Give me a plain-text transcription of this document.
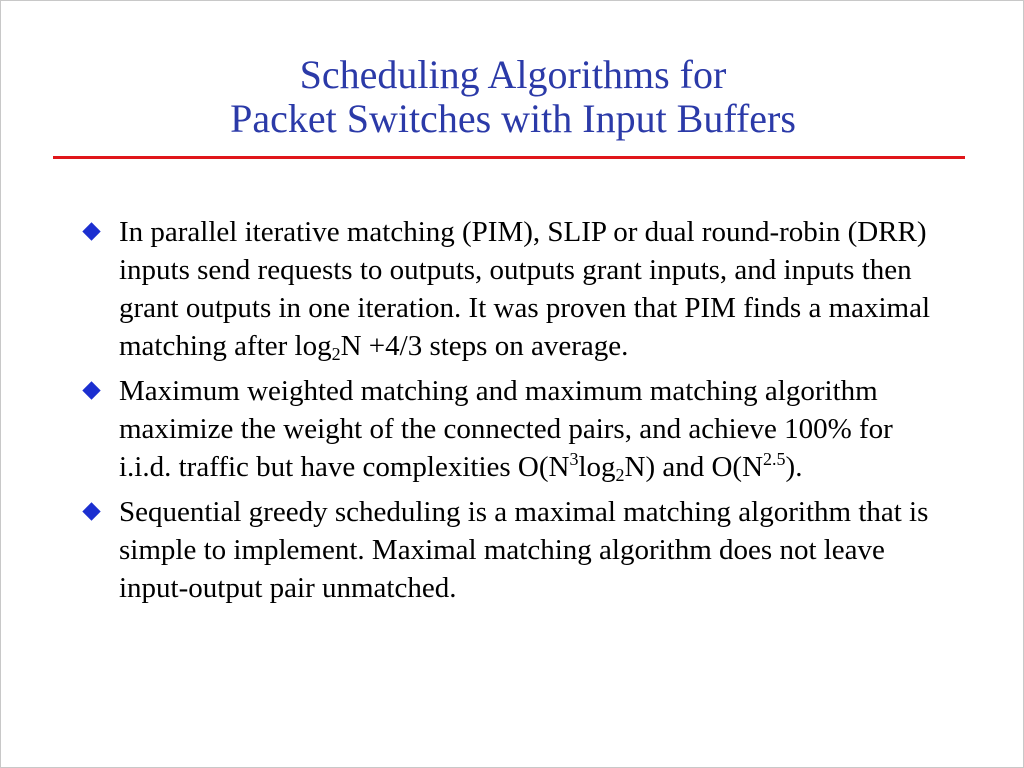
Scheduling Algorithms for
Packet Switches with Input Buffers
In parallel iterative matching (PIM), SLIP or dual round-robin (DRR) inputs send requests to outputs, outputs grant inputs, and inputs then grant outputs in one iteration. It was proven that PIM finds a maximal matching after $\log_2N +4/3$ steps on average.
Maximum weighted matching and maximum matching algorithm maximize the weight of the connected pairs, and achieve 100% for i.i.d. traffic but have complexities $O(N^3\log_2N)$ and $O(N^{2.5})$.
Sequential greedy scheduling is a maximal matching algorithm that is simple to implement. Maximal matching algorithm does not leave input-output pair unmatched.
